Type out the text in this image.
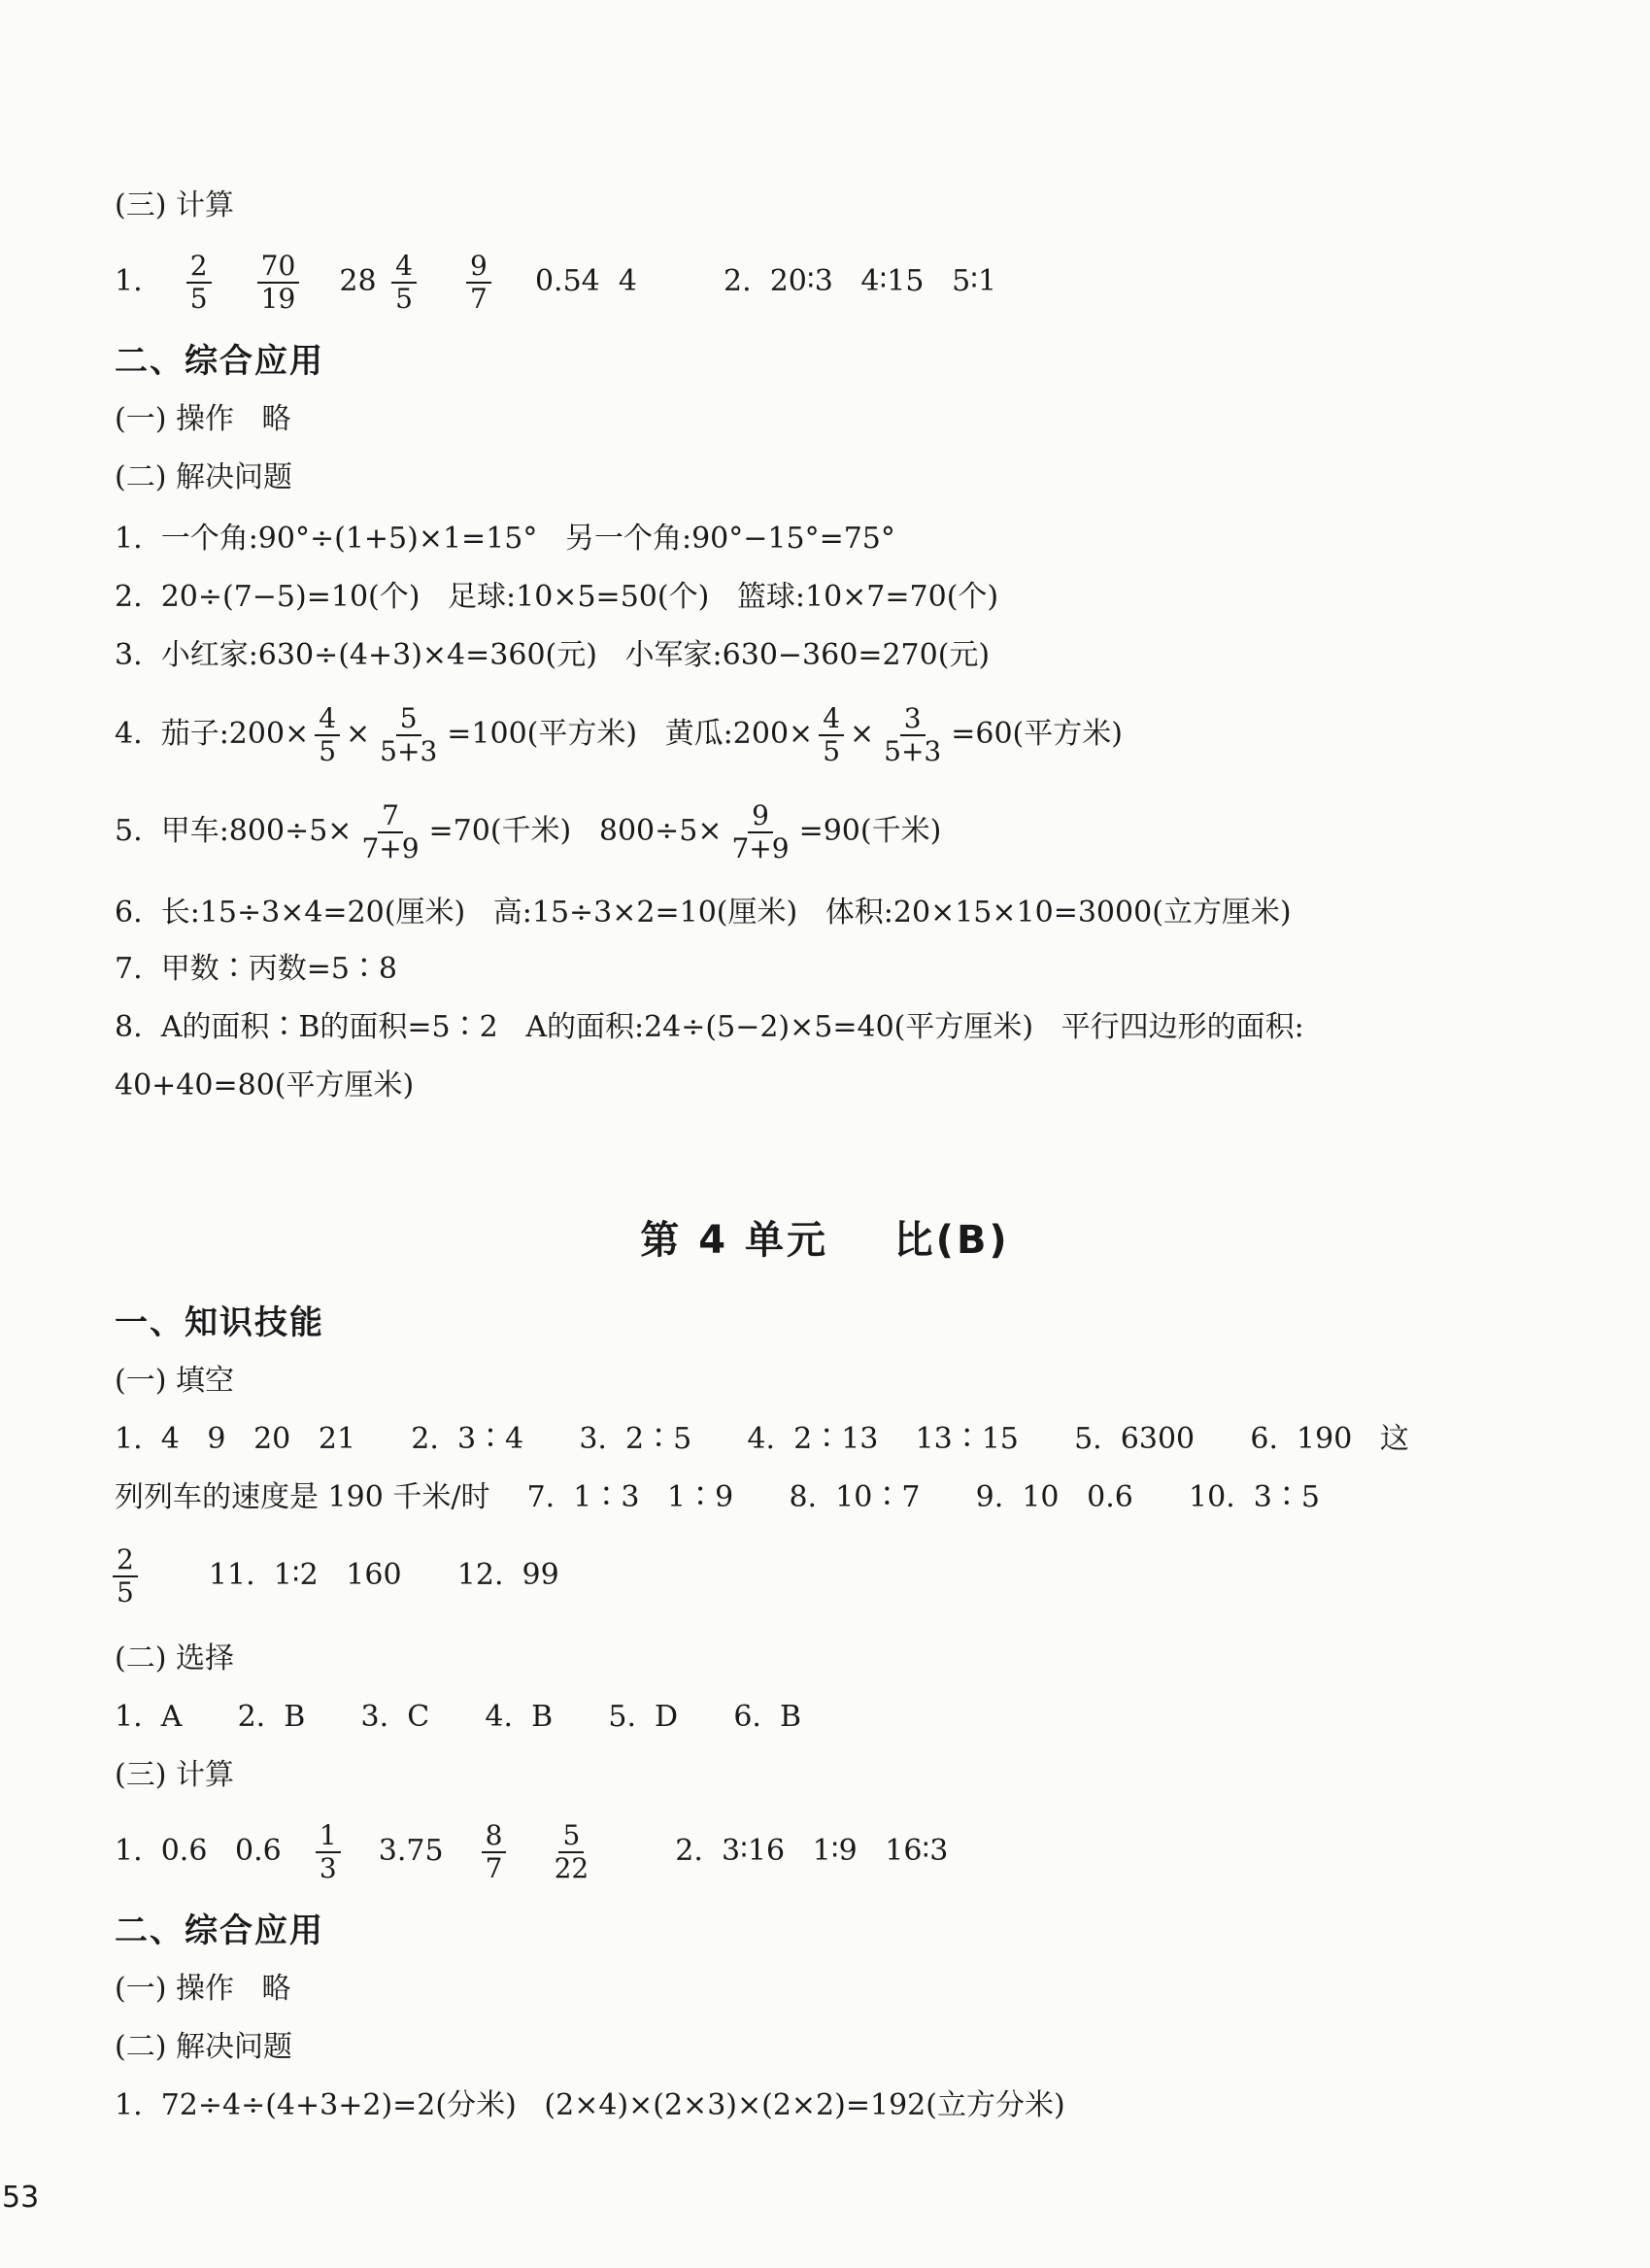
(三) 计算
1. $\frac{2}{5}$
$\frac{70}{19} 28 \frac{4}{5}$
$\frac{9}{7} 0.54$  4	2.  20∶3   4∶15   5∶1
二、综合应用
(一) 操作   略
(二) 解决问题
1.  一个角:90°÷(1+5)×1=15°   另一个角:90°−15°=75°
2.  20÷(7−5)=10(个)   足球:10×5=50(个)   篮球:10×7=70(个)
3.  小红家:630÷(4+3)×4=360(元)   小军家:630−360=270(元)
4.  茄子:200× $\frac{4}{5} \times \frac{5}{5+3} =100$(平方米)   黄瓜:200× $\frac{4}{5} \times \frac{3}{5+3} =60$(平方米)
5.  甲车:800÷5× $\frac{7}{7+9} =70$(千米)   $800\div 5\times \frac{9}{7+9} =90$(千米)
6.  长:15÷3×4=20(厘米)   高:15÷3×2=10(厘米)   体积:20×15×10=3000(立方厘米)
7.  甲数∶丙数=5∶8
8.  A的面积∶B的面积=5∶2   A的面积:24÷(5−2)×5=40(平方厘米)   平行四边形的面积:
40+40=80(平方厘米)
第 4 单元    比(B)
一、知识技能
(一) 填空
1.  4   9   20   21      2.  3∶4      3.  2∶5      4.  2∶13    13∶15      5.  6300      6.  190   这
列列车的速度是 190 千米/时    7.  1∶3   1∶9      8.  10∶7      9.  10   0.6      10.  3∶5
$\frac{2}{5} 11$.  1∶2   160      12.  99
(二) 选择
1.  A      2.  B      3.  C      4.  B      5.  D      6.  B
(三) 计算
1.  0.6   $0.6 \frac{1}{3} 3.75 \frac{8}{7}$
$\frac{5}{22}$	2.  3∶16   1∶9   16∶3
二、综合应用
(一) 操作   略
(二) 解决问题
1.  72÷4÷(4+3+2)=2(分米)   (2×4)×(2×3)×(2×2)=192(立方分米)
53
